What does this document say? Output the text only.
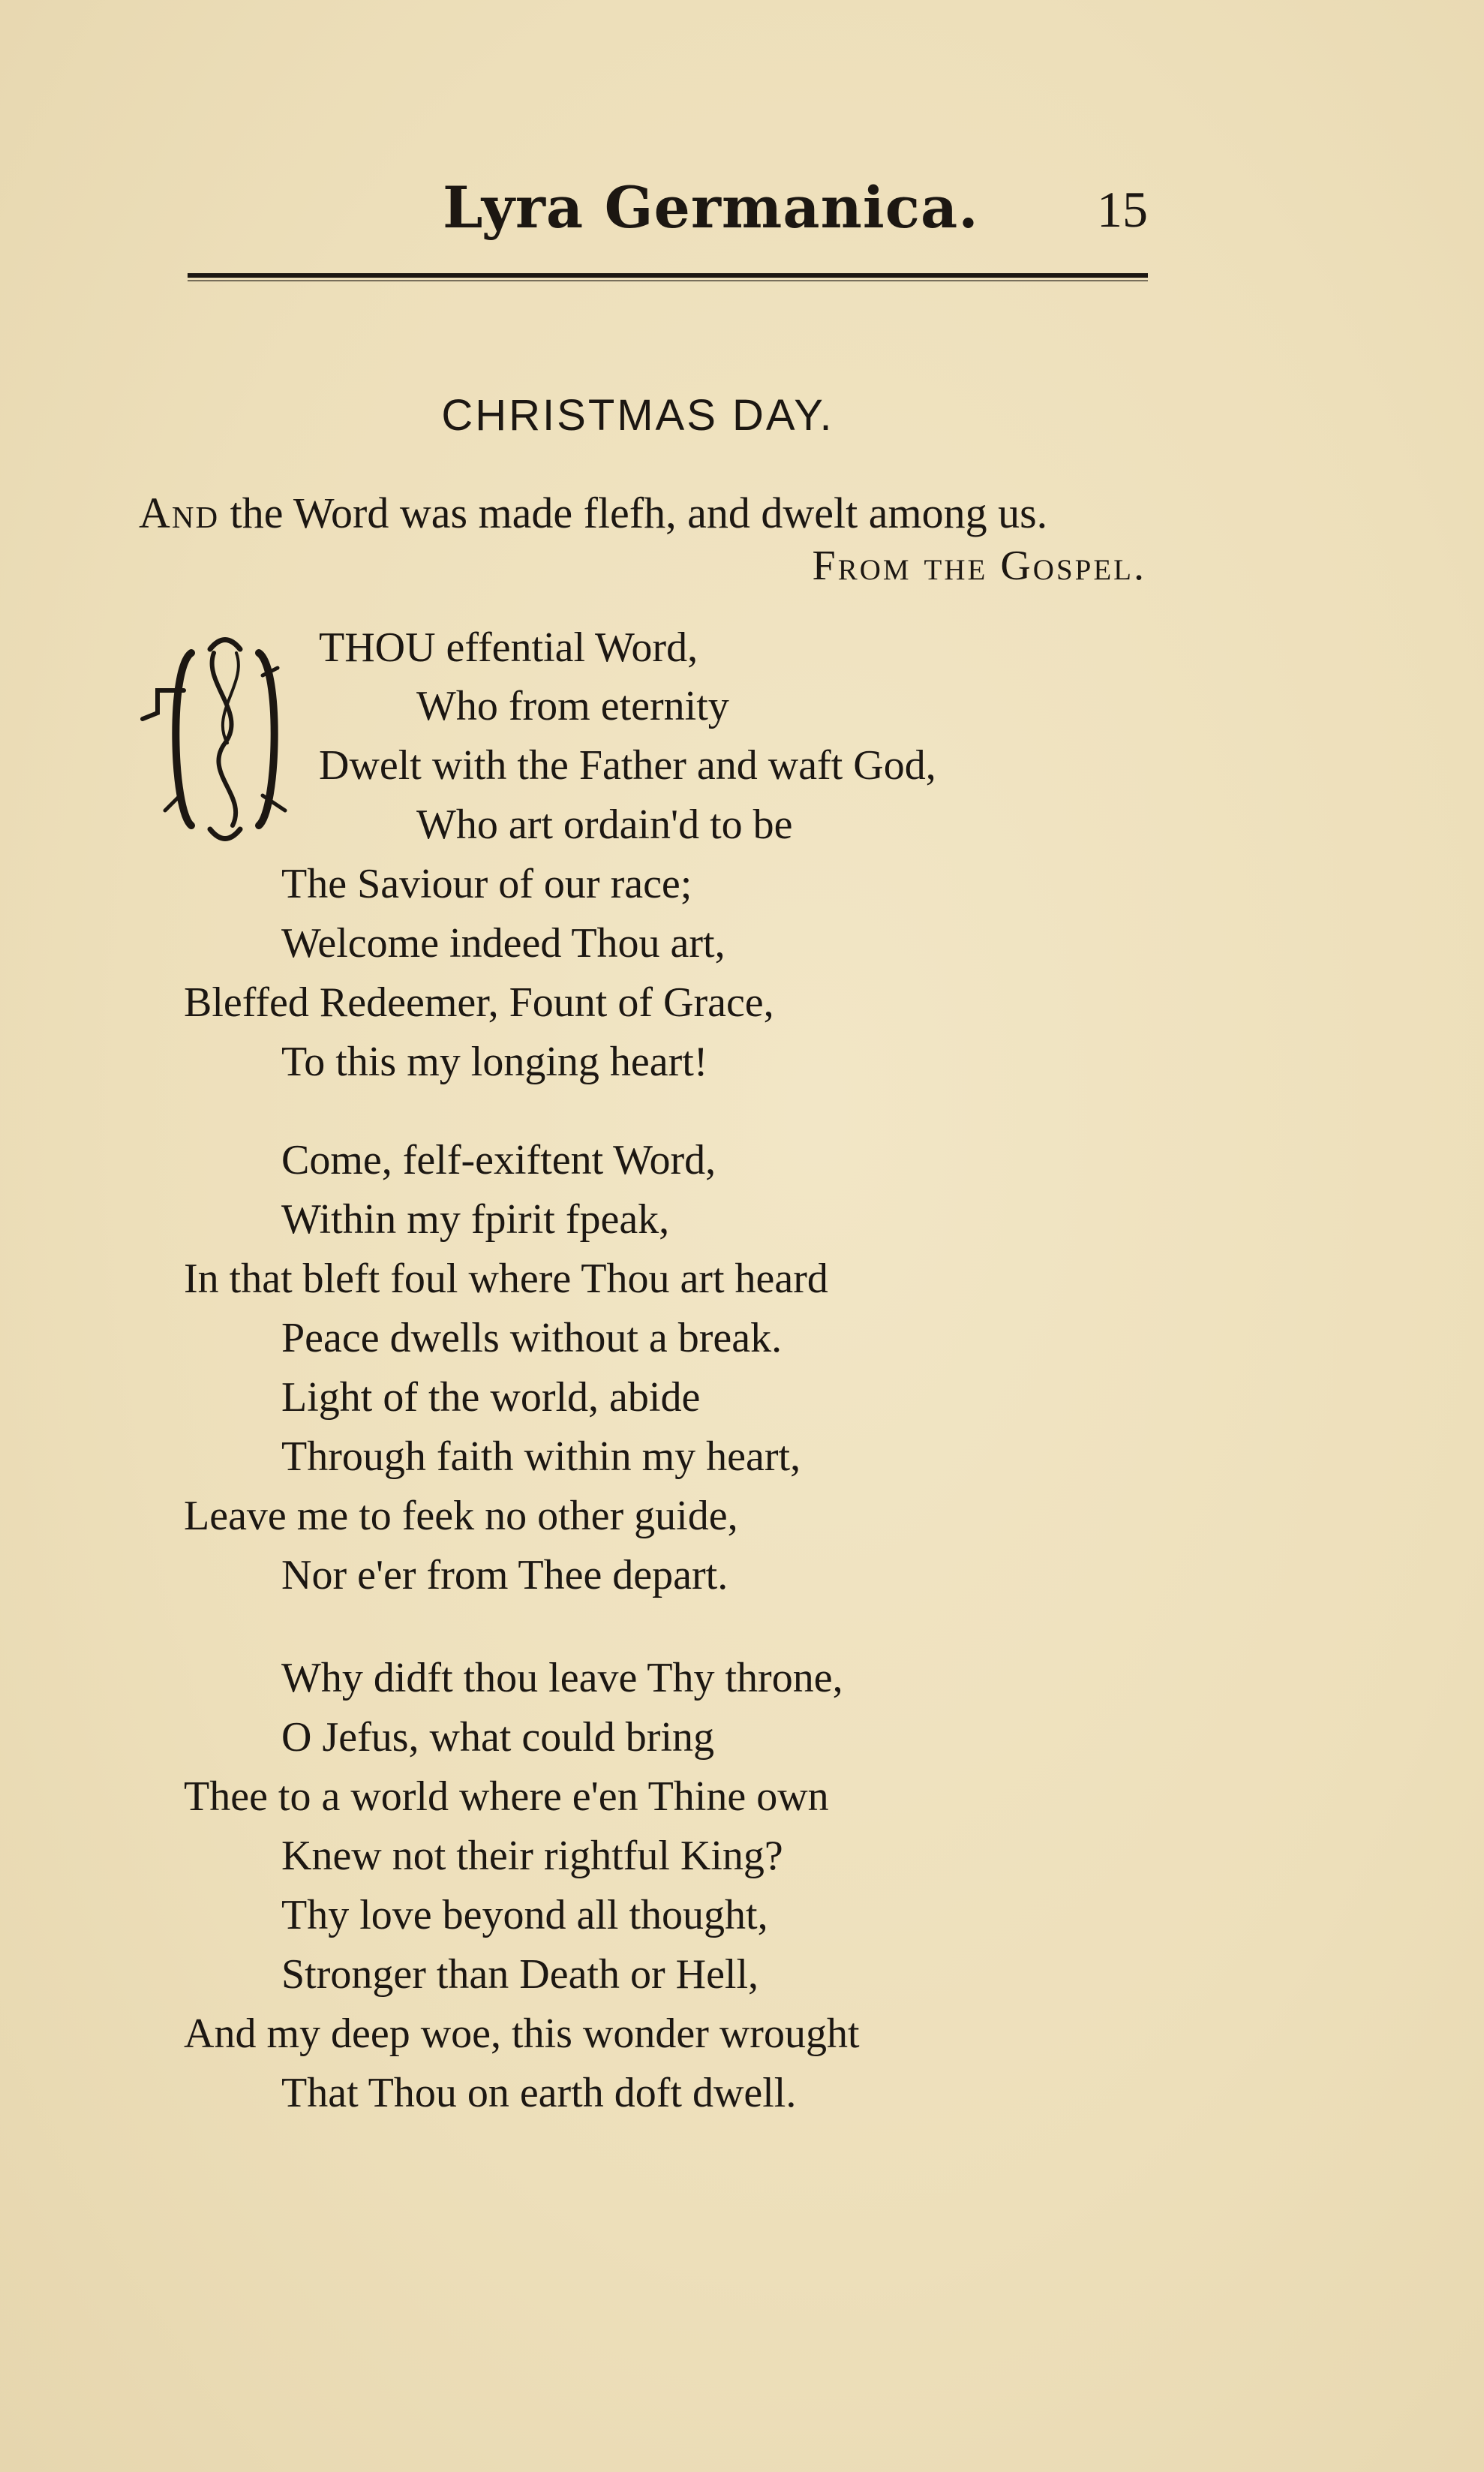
Lyra Germanica. 15
CHRISTMAS DAY.
And the Word was made flefh, and dwelt among us.
From the Gospel.
THOU effential Word,
Who from eternity
Dwelt with the Father and waft God,
Who art ordain'd to be
The Saviour of our race;
Welcome indeed Thou art,
Bleffed Redeemer, Fount of Grace,
To this my longing heart!
Come, felf-exiftent Word,
Within my fpirit fpeak,
In that bleft foul where Thou art heard
Peace dwells without a break.
Light of the world, abide
Through faith within my heart,
Leave me to feek no other guide,
Nor e'er from Thee depart.
Why didft thou leave Thy throne,
O Jefus, what could bring
Thee to a world where e'en Thine own
Knew not their rightful King?
Thy love beyond all thought,
Stronger than Death or Hell,
And my deep woe, this wonder wrought
That Thou on earth doft dwell.
